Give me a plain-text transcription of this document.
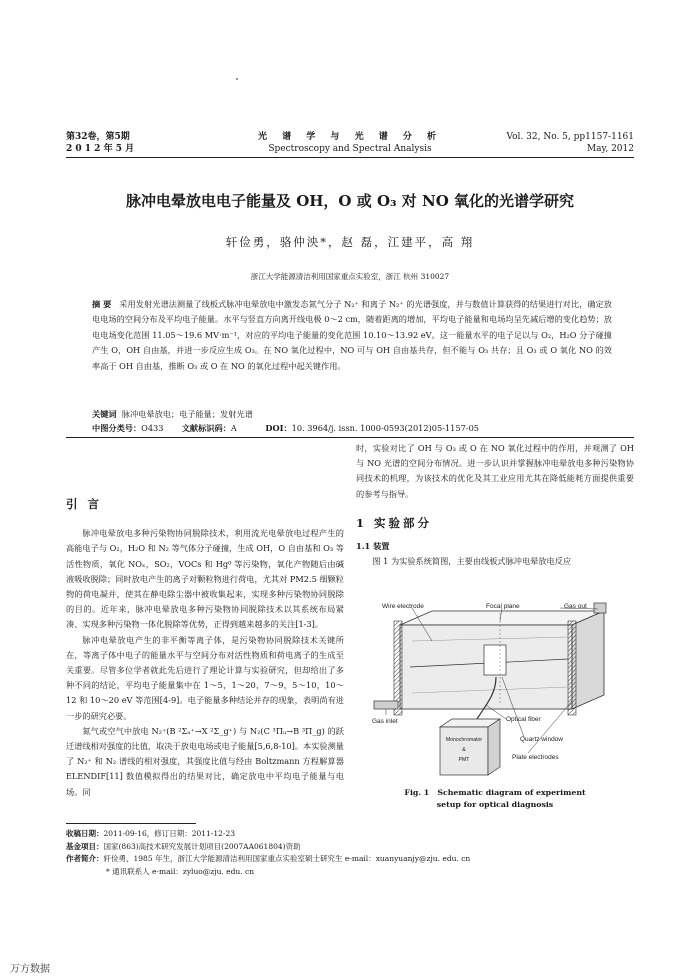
第32卷，第5期
2 0 1 2 年 5 月
光 谱 学 与 光 谱 分 析
Spectroscopy and Spectral Analysis
Vol. 32, No. 5, pp1157-1161
May, 2012
脉冲电晕放电电子能量及 OH，O 或 O₃ 对 NO 氧化的光谱学研究
轩俭勇，骆仲泱*，赵 磊，江建平，高 翔
浙江大学能源清洁利用国家重点实验室，浙江 杭州 310027
摘 要 采用发射光谱法测量了线板式脉冲电晕放电中激发态氮气分子 N₂⁺ 和离子 N₂⁺ 的光谱强度，并与数值计算获得的结果进行对比，确定放电电场的空间分布及平均电子能量。水平与竖直方向离开线电极 0～2 cm，随着距离的增加，平均电子能量和电场均呈先减后增的变化趋势；放电电场变化范围 11.05～19.6 MV·m⁻¹，对应的平均电子能量的变化范围 10.10～13.92 eV。这一能量水平的电子足以与 O₂，H₂O 分子碰撞产生 O，OH 自由基，并进一步反应生成 O₃。在 NO 氧化过程中，NO 可与 OH 自由基共存，但不能与 O₃ 共存；且 O₃ 或 O 氧化 NO 的效率高于 OH 自由基，推断 O₃ 或 O 在 NO 的氧化过程中起关键作用。
关键词 脉冲电晕放电；电子能量；发射光谱
中图分类号：O433 文献标识码：A	DOI：10. 3964/j. issn. 1000-0593(2012)05-1157-05

引 言

脉冲电晕放电多种污染物协同脱除技术，利用流光电晕放电过程产生的高能电子与 O₂，H₂O 和 N₂ 等气体分子碰撞，生成 OH，O 自由基和 O₃ 等活性物质，氧化 NOₓ，SO₂，VOCs 和 Hg⁰ 等污染物，氧化产物随后由碱液吸收脱除；同时放电产生的离子对颗粒物进行荷电，尤其对 PM2.5 细颗粒物的荷电凝并，使其在静电除尘器中被收集起来，实现多种污染物协同脱除的目的。近年来，脉冲电晕放电多种污染物协同脱除技术以其系统布局紧凑、实现多种污染物一体化脱除等优势，正得到越来越多的关注[1-3]。

脉冲电晕放电产生的非平衡等离子体，是污染物协同脱除技术关键所在，等离子体中电子的能量水平与空间分布对活性物质和荷电离子的生成至关重要。尽管多位学者就此先后进行了理论计算与实验研究，但却给出了多种不同的结论，平均电子能量集中在 1～5，1～20，7～9，5～10，10～12 和 10～20 eV 等范围[4-9]。电子能量多种结论并存的现象，表明尚有进一步的研究必要。

氮气或空气中放电 N₂⁺(B ²Σᵤ⁺→X ²Σ_g⁺) 与 N₂(C ³Πᵤ→B ³Π_g) 的跃迁谱线相对强度的比值，取决于放电电场或电子能量[5,6,8-10]。本实验测量了 N₂⁺ 和 N₂ 谱线的相对强度，其强度比值与经由 Boltzmann 方程解算器 ELENDIF[11] 数值模拟得出的结果对比，确定放电中平均电子能量与电场。同

时，实验对比了 OH 与 O₃ 或 O 在 NO 氧化过程中的作用，并观测了 OH 与 NO 光谱的空间分布情况。进一步认识并掌握脉冲电晕放电多种污染物协同技术的机理，为该技术的优化及其工业应用尤其在降低能耗方面提供重要的参考与指导。

1 实验部分

1.1 装置

图 1 为实验系统简图，主要由线板式脉冲电晕放电反应

Wire electrode	Focal plane	Gas out
Gas inlet	Optical fiber
Quartz window
Plate electrodes
Monochromator
&
PMT
Fig. 1 Schematic diagram of experiment
setup for optical diagnosis
收稿日期：2011-09-16，修订日期：2011-12-23
基金项目：国家(863)高技术研究发展计划项目(2007AA061804)资助
作者简介：轩俭勇，1985 年生，浙江大学能源清洁利用国家重点实验室硕士研究生 e-mail：xuanyuanjy@zju. edu. cn
* 通讯联系人 e-mail：zyluo@zju. edu. cn
万方数据
